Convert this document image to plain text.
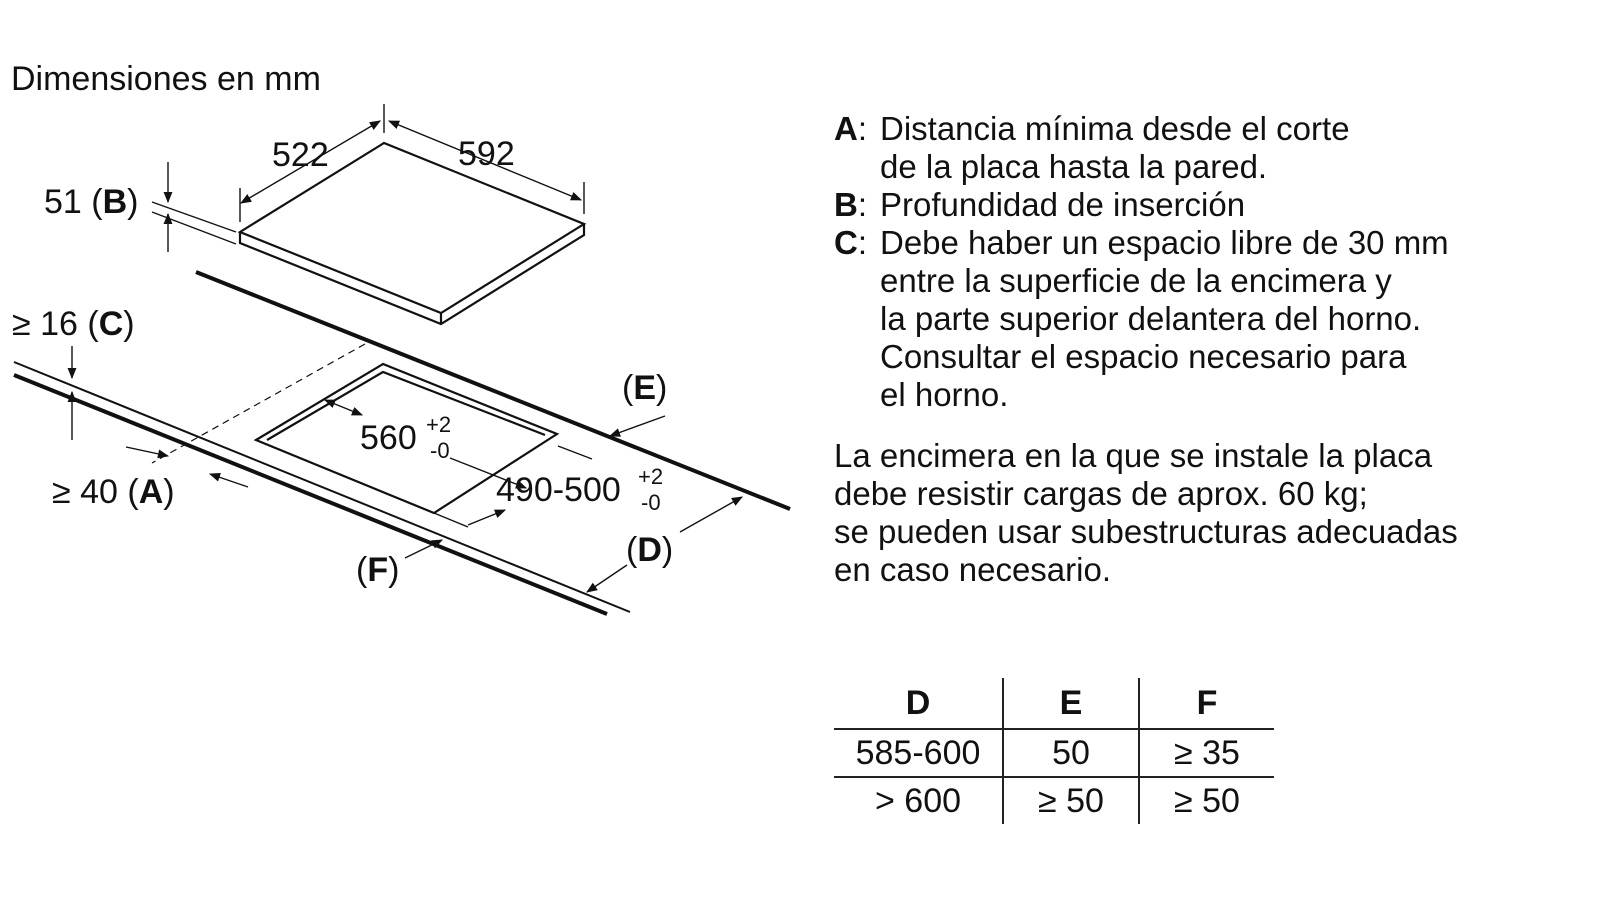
Dimensiones en mm
522	592
51 (B)
≥ 16 (C)
≥ 40 (A)
560 +2
-0
490-500 +2
-0
(E)
(D)
(F)
A: Distancia mínima desde el corte
de la placa hasta la pared.
B: Profundidad de inserción
C: Debe haber un espacio libre de 30 mm
entre la superficie de la encimera y
la parte superior delantera del horno.
Consultar el espacio necesario para
el horno.
La encimera en la que se instale la placa
debe resistir cargas de aprox. 60 kg;
se pueden usar subestructuras adecuadas
en caso necesario.
D	E	F
585-600	50	≥ 35
> 600	≥ 50	≥ 50
